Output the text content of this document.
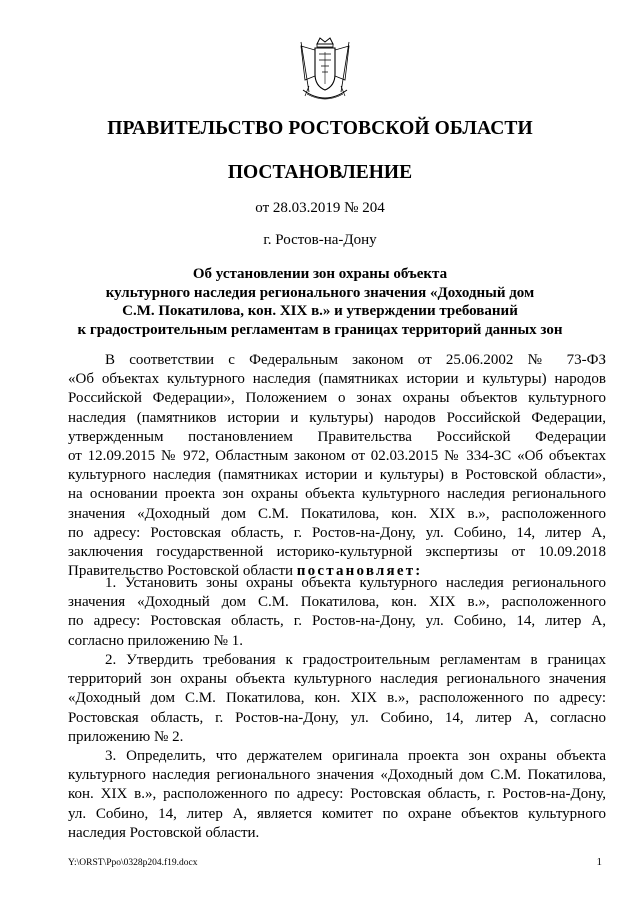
ПРАВИТЕЛЬСТВО РОСТОВСКОЙ ОБЛАСТИ
ПОСТАНОВЛЕНИЕ
от 28.03.2019 № 204
г. Ростов-на-Дону
Об установлении зон охраны объекта
культурного наследия регионального значения «Доходный дом
С.М. Покатилова, кон. XIX в.» и утверждении требований
к градостроительным регламентам в границах территорий данных зон
В соответствии с Федеральным законом от 25.06.2002 № 73-ФЗ
«Об объектах культурного наследия (памятниках истории и культуры) народов
Российской Федерации», Положением о зонах охраны объектов культурного
наследия (памятников истории и культуры) народов Российской Федерации,
утвержденным постановлением Правительства Российской Федерации
от 12.09.2015 № 972, Областным законом от 02.03.2015 № 334-ЗС «Об объектах
культурного наследия (памятниках истории и культуры) в Ростовской области»,
на основании проекта зон охраны объекта культурного наследия регионального
значения «Доходный дом С.М. Покатилова, кон. XIX в.», расположенного
по адресу: Ростовская область, г. Ростов-на-Дону, ул. Собино, 14, литер А,
заключения государственной историко-культурной экспертизы от 10.09.2018
Правительство Ростовской области постановляет:
1. Установить зоны охраны объекта культурного наследия регионального
значения «Доходный дом С.М. Покатилова, кон. XIX в.», расположенного
по адресу: Ростовская область, г. Ростов-на-Дону, ул. Собино, 14, литер А,
согласно приложению № 1.
2. Утвердить требования к градостроительным регламентам в границах
территорий зон охраны объекта культурного наследия регионального значения
«Доходный дом С.М. Покатилова, кон. XIX в.», расположенного по адресу:
Ростовская область, г. Ростов-на-Дону, ул. Собино, 14, литер А, согласно
приложению № 2.
3. Определить, что держателем оригинала проекта зон охраны объекта
культурного наследия регионального значения «Доходный дом С.М. Покатилова,
кон. XIX в.», расположенного по адресу: Ростовская область, г. Ростов-на-Дону,
ул. Собино, 14, литер А, является комитет по охране объектов культурного
наследия Ростовской области.
Y:\ORST\Ppo\0328p204.f19.docx	1
